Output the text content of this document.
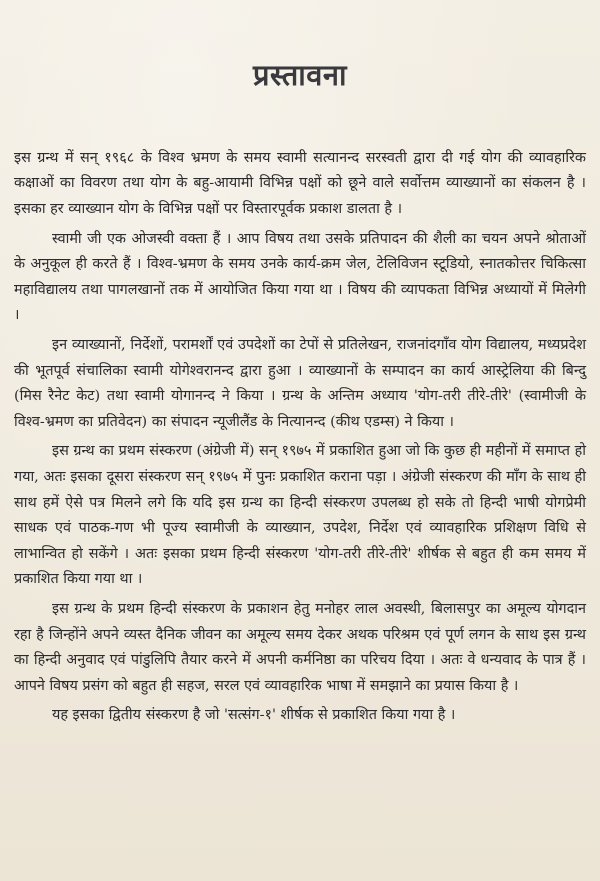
प्रस्तावना

इस ग्रन्थ में सन् १९६८ के विश्व भ्रमण के समय स्वामी सत्यानन्द सरस्वती द्वारा दी गई योग की व्यावहारिक कक्षाओं का विवरण तथा योग के बहु-आयामी विभिन्न पक्षों को छूने वाले सर्वोत्तम व्याख्यानों का संकलन है । इसका हर व्याख्यान योग के विभिन्न पक्षों पर विस्तारपूर्वक प्रकाश डालता है ।

स्वामी जी एक ओजस्वी वक्ता हैं । आप विषय तथा उसके प्रतिपादन की शैली का चयन अपने श्रोताओं के अनुकूल ही करते हैं । विश्व-भ्रमण के समय उनके कार्य-क्रम जेल, टेलिविजन स्टूडियो, स्नातकोत्तर चिकित्सा महाविद्यालय तथा पागलखानों तक में आयोजित किया गया था । विषय की व्यापकता विभिन्न अध्यायों में मिलेगी ।

इन व्याख्यानों, निर्देशों, परामर्शों एवं उपदेशों का टेपों से प्रतिलेखन, राजनांदगाँव योग विद्यालय, मध्यप्रदेश की भूतपूर्व संचालिका स्वामी योगेश्वरानन्द द्वारा हुआ । व्याख्यानों के सम्पादन का कार्य आस्ट्रेलिया की बिन्दु (मिस रैनेट केट) तथा स्वामी योगानन्द ने किया । ग्रन्थ के अन्तिम अध्याय 'योग-तरी तीरे-तीरे' (स्वामीजी के विश्व-भ्रमण का प्रतिवेदन) का संपादन न्यूजीलैंड के नित्यानन्द (कीथ एडम्स) ने किया ।

इस ग्रन्थ का प्रथम संस्करण (अंग्रेजी में) सन् १९७५ में प्रकाशित हुआ जो कि कुछ ही महीनों में समाप्त हो गया, अतः इसका दूसरा संस्करण सन् १९७५ में पुनः प्रकाशित कराना पड़ा । अंग्रेजी संस्करण की माँग के साथ ही साथ हमें ऐसे पत्र मिलने लगे कि यदि इस ग्रन्थ का हिन्दी संस्करण उपलब्ध हो सके तो हिन्दी भाषी योगप्रेमी साधक एवं पाठक-गण भी पूज्य स्वामीजी के व्याख्यान, उपदेश, निर्देश एवं व्यावहारिक प्रशिक्षण विधि से लाभान्वित हो सकेंगे । अतः इसका प्रथम हिन्दी संस्करण 'योग-तरी तीरे-तीरे' शीर्षक से बहुत ही कम समय में प्रकाशित किया गया था ।

इस ग्रन्थ के प्रथम हिन्दी संस्करण के प्रकाशन हेतु मनोहर लाल अवस्थी, बिलासपुर का अमूल्य योगदान रहा है जिन्होंने अपने व्यस्त दैनिक जीवन का अमूल्य समय देकर अथक परिश्रम एवं पूर्ण लगन के साथ इस ग्रन्थ का हिन्दी अनुवाद एवं पांडुलिपि तैयार करने में अपनी कर्मनिष्ठा का परिचय दिया । अतः वे धन्यवाद के पात्र हैं । आपने विषय प्रसंग को बहुत ही सहज, सरल एवं व्यावहारिक भाषा में समझाने का प्रयास किया है ।

यह इसका द्वितीय संस्करण है जो 'सत्संग-१' शीर्षक से प्रकाशित किया गया है ।
